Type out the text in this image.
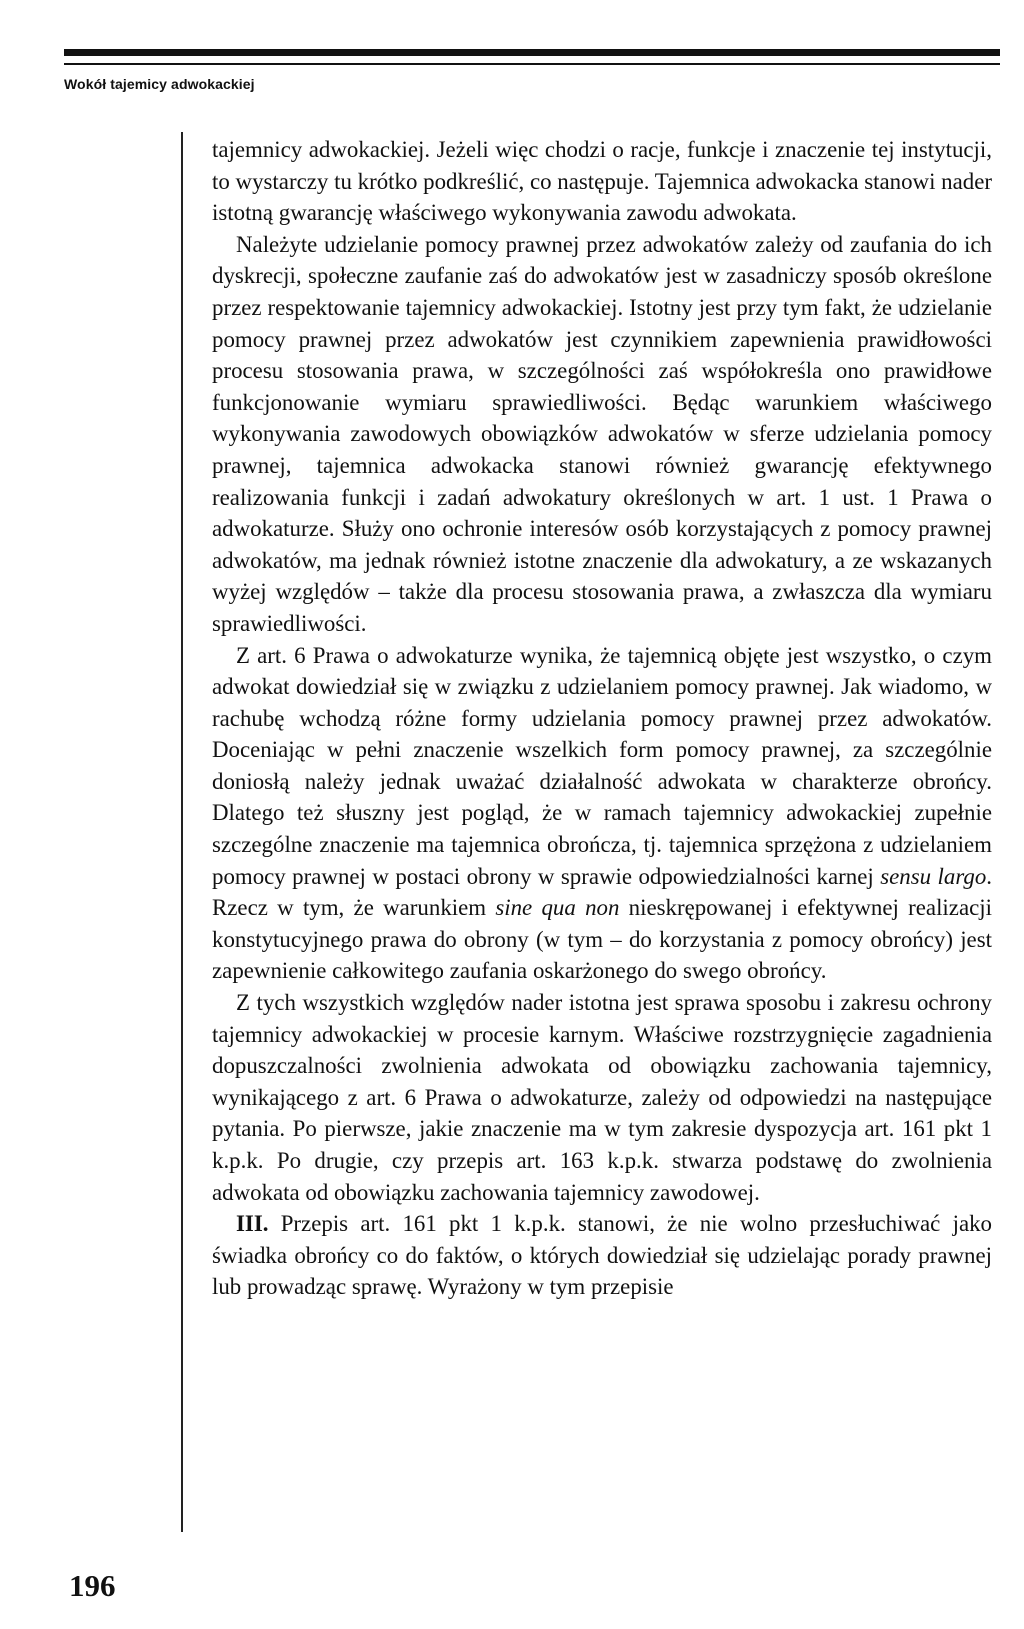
Wokół tajemicy adwokackiej

tajemnicy adwokackiej. Jeżeli więc chodzi o racje, funkcje i znaczenie tej instytucji, to wystarczy tu krótko podkreślić, co następuje. Tajemnica adwokacka stanowi nader istotną gwarancję właściwego wykonywania zawodu adwokata.

Należyte udzielanie pomocy prawnej przez adwokatów zależy od zaufania do ich dyskrecji, społeczne zaufanie zaś do adwokatów jest w zasadniczy sposób określone przez respektowanie tajemnicy adwokackiej. Istotny jest przy tym fakt, że udzielanie pomocy prawnej przez adwokatów jest czynnikiem zapewnienia prawidłowości procesu stosowania prawa, w szczególności zaś współokreśla ono prawidłowe funkcjonowanie wymiaru sprawiedliwości. Będąc warunkiem właściwego wykonywania zawodowych obowiązków adwokatów w sferze udzielania pomocy prawnej, tajemnica adwokacka stanowi również gwarancję efektywnego realizowania funkcji i zadań adwokatury określonych w art. 1 ust. 1 Prawa o adwokaturze. Służy ono ochronie interesów osób korzystających z pomocy prawnej adwokatów, ma jednak również istotne znaczenie dla adwokatury, a ze wskazanych wyżej względów – także dla procesu stosowania prawa, a zwłaszcza dla wymiaru sprawiedliwości.

Z art. 6 Prawa o adwokaturze wynika, że tajemnicą objęte jest wszystko, o czym adwokat dowiedział się w związku z udzielaniem pomocy prawnej. Jak wiadomo, w rachubę wchodzą różne formy udzielania pomocy prawnej przez adwokatów. Doceniając w pełni znaczenie wszelkich form pomocy prawnej, za szczególnie doniosłą należy jednak uważać działalność adwokata w charakterze obrońcy. Dlatego też słuszny jest pogląd, że w ramach tajemnicy adwokackiej zupełnie szczególne znaczenie ma tajemnica obrończa, tj. tajemnica sprzężona z udzielaniem pomocy prawnej w postaci obrony w sprawie odpowiedzialności karnej sensu largo. Rzecz w tym, że warunkiem sine qua non nieskrępowanej i efektywnej realizacji konstytucyjnego prawa do obrony (w tym – do korzystania z pomocy obrońcy) jest zapewnienie całkowitego zaufania oskarżonego do swego obrońcy.

Z tych wszystkich względów nader istotna jest sprawa sposobu i zakresu ochrony tajemnicy adwokackiej w procesie karnym. Właściwe rozstrzygnięcie zagadnienia dopuszczalności zwolnienia adwokata od obowiązku zachowania tajemnicy, wynikającego z art. 6 Prawa o adwokaturze, zależy od odpowiedzi na następujące pytania. Po pierwsze, jakie znaczenie ma w tym zakresie dyspozycja art. 161 pkt 1 k.p.k. Po drugie, czy przepis art. 163 k.p.k. stwarza podstawę do zwolnienia adwokata od obowiązku zachowania tajemnicy zawodowej.

III. Przepis art. 161 pkt 1 k.p.k. stanowi, że nie wolno przesłuchiwać jako świadka obrońcy co do faktów, o których dowiedział się udzielając porady prawnej lub prowadząc sprawę. Wyrażony w tym przepisie

196
